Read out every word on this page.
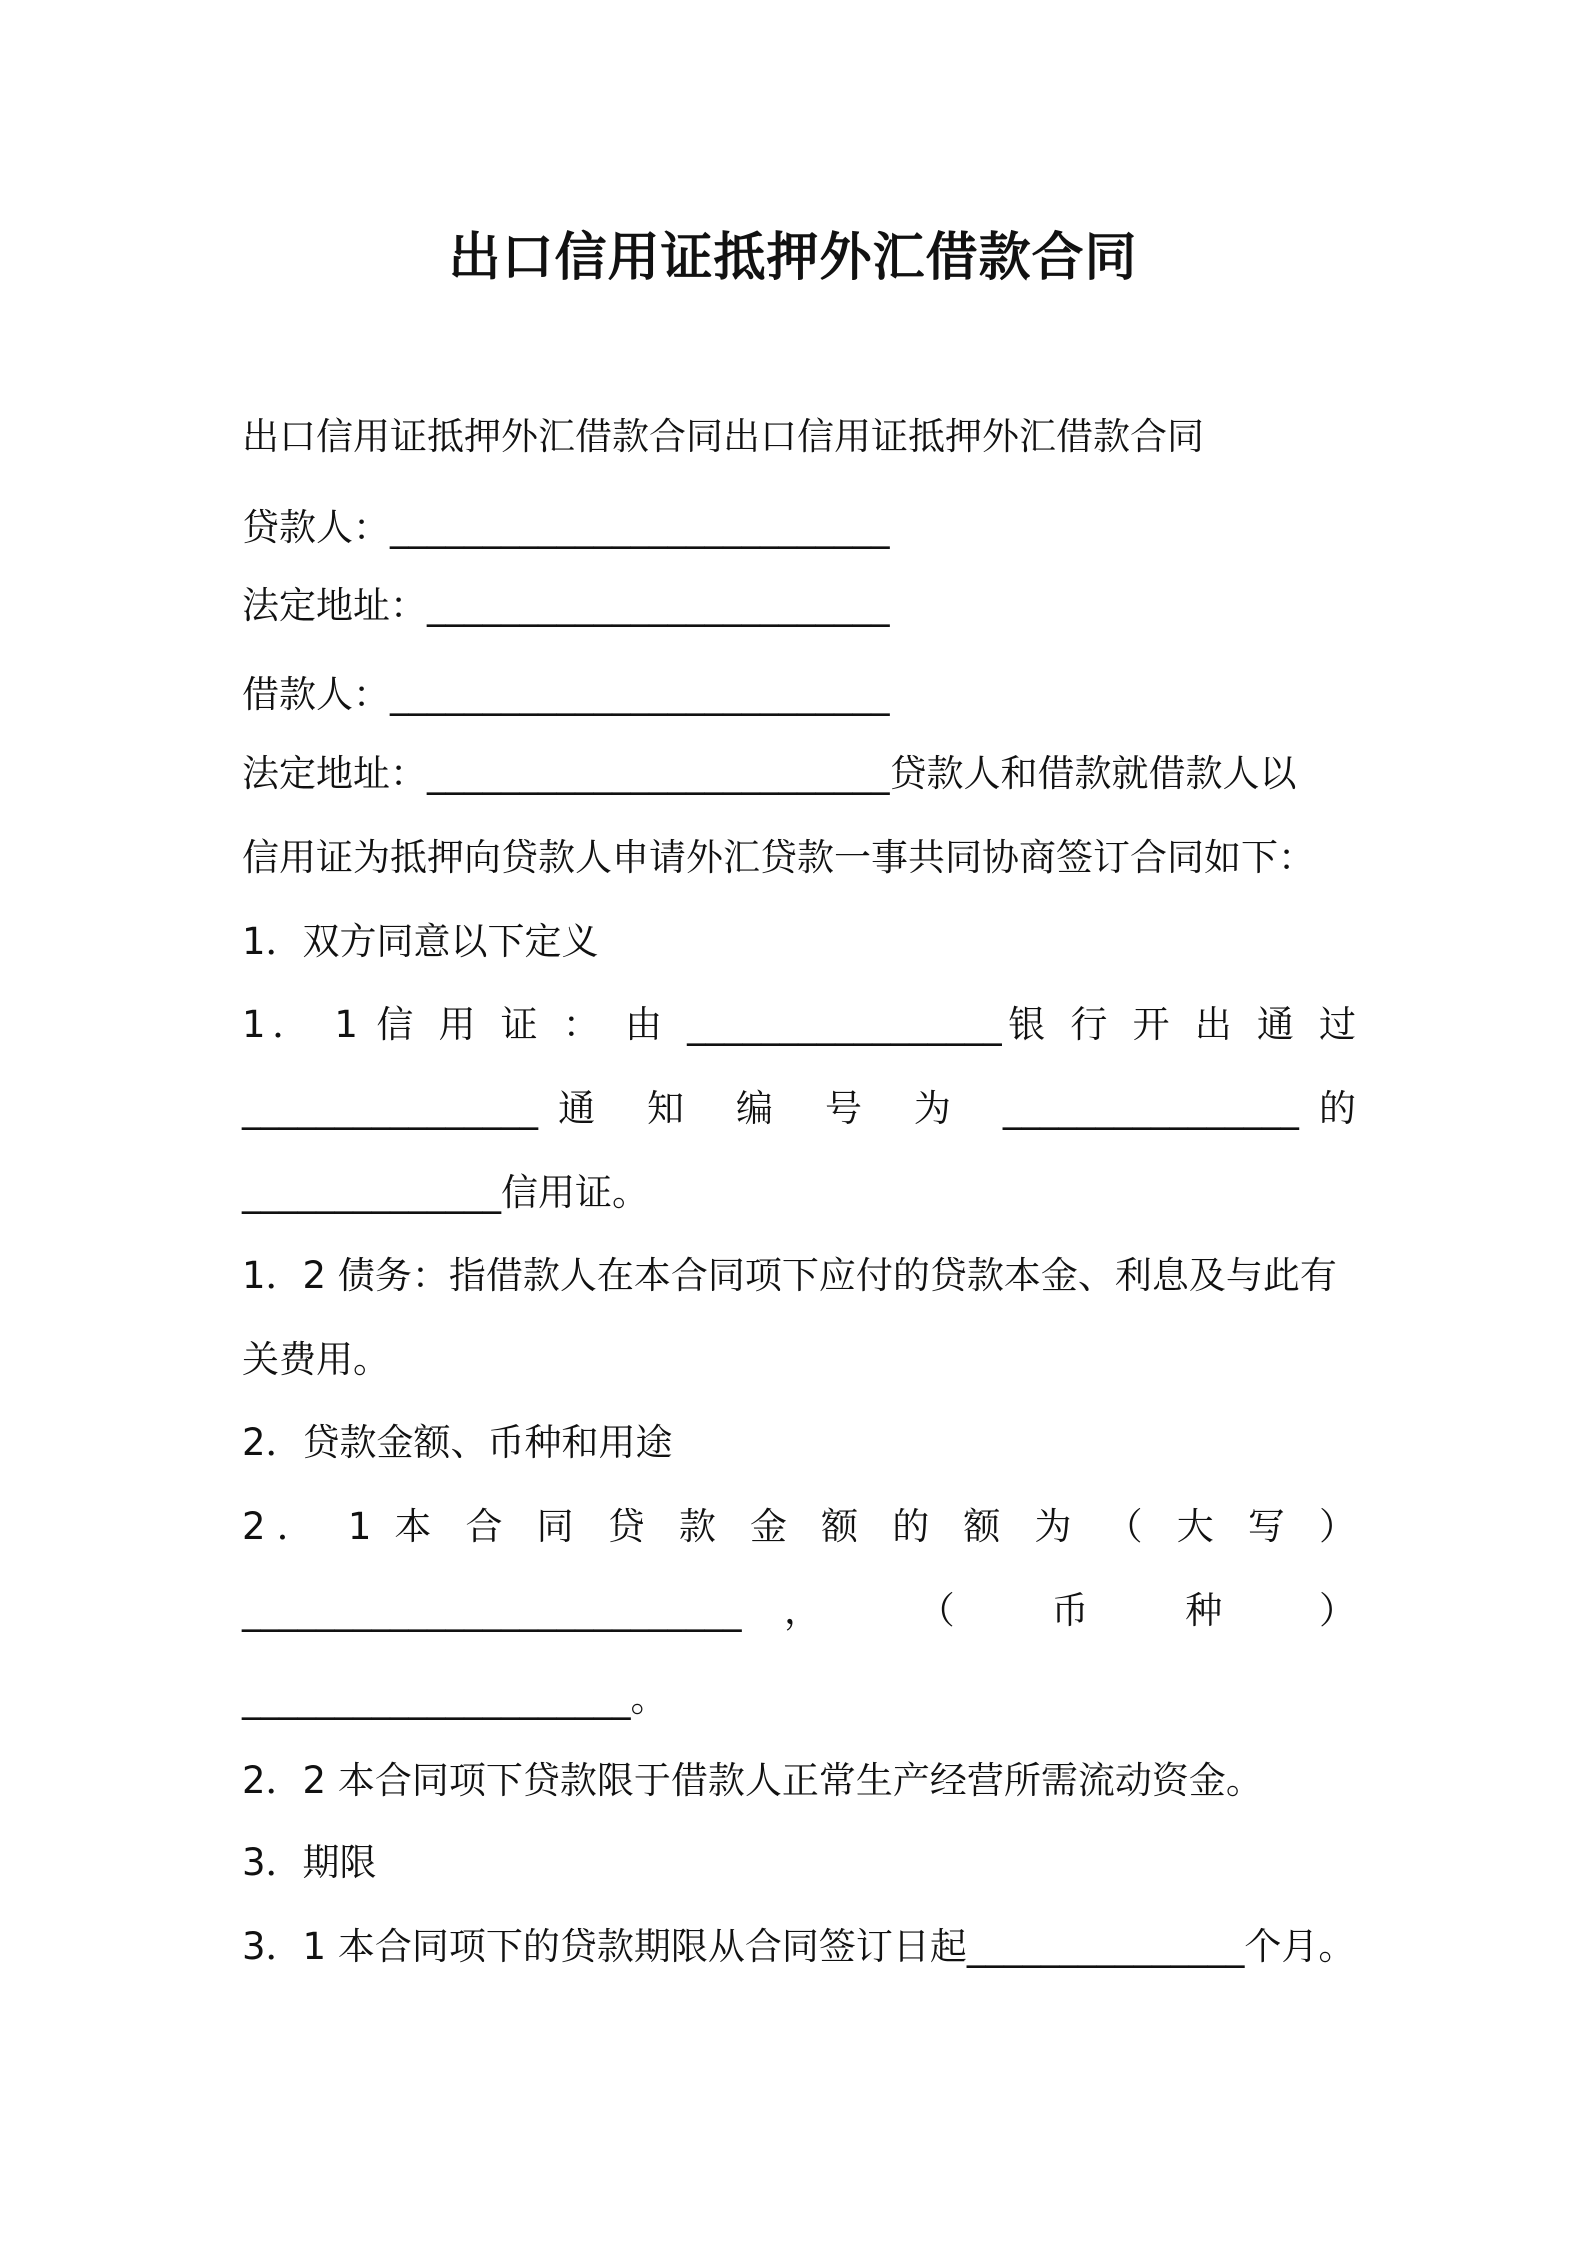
出口信用证抵押外汇借款合同
出口信用证抵押外汇借款合同出口信用证抵押外汇借款合同
贷款人：___________________________
法定地址：_________________________
借款人：___________________________
法定地址：_________________________贷款人和借款就借款人以
信用证为抵押向贷款人申请外汇贷款一事共同协商签订合同如下：
1．双方同意以下定义
1． 1 信 用 证 ： 由 _________________银 行 开 出 通 过
________________通 知 编 号 为 ________________的
______________信用证。
1．2 债务：指借款人在本合同项下应付的贷款本金、利息及与此有
关费用。
2．贷款金额、币种和用途
2． 1 本 合 同 贷 款 金 额 的 额 为 （ 大 写 ）
___________________________， （ 币 种 ）
_____________________。
2．2 本合同项下贷款限于借款人正常生产经营所需流动资金。
3．期限
3．1 本合同项下的贷款期限从合同签订日起_______________个月。
